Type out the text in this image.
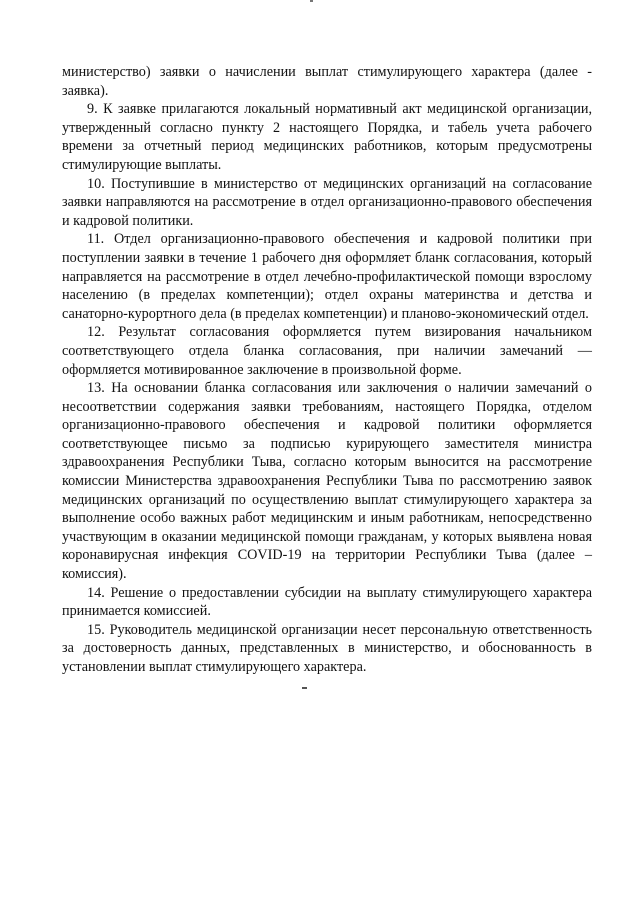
министерство) заявки о начислении выплат стимулирующего характера (далее - заявка).

9. К заявке прилагаются локальный нормативный акт медицинской организации, утвержденный согласно пункту 2 настоящего Порядка, и табель учета рабочего времени за отчетный период медицинских работников, которым предусмотрены стимулирующие выплаты.

10. Поступившие в министерство от медицинских организаций на согласование заявки направляются на рассмотрение в отдел организационно-правового обеспечения и кадровой политики.

11. Отдел организационно-правового обеспечения и кадровой политики при поступлении заявки в течение 1 рабочего дня оформляет бланк согласования, который направляется на рассмотрение в отдел лечебно-профилактической помощи взрослому населению (в пределах компетенции); отдел охраны материнства и детства и санаторно-курортного дела (в пределах компетенции) и планово-экономический отдел.

12. Результат согласования оформляется путем визирования начальником соответствующего отдела бланка согласования, при наличии замечаний — оформляется мотивированное заключение в произвольной форме.

13. На основании бланка согласования или заключения о наличии замечаний о несоответствии содержания заявки требованиям, настоящего Порядка, отделом организационно-правового обеспечения и кадровой политики оформляется соответствующее письмо за подписью курирующего заместителя министра здравоохранения Республики Тыва, согласно которым выносится на рассмотрение комиссии Министерства здравоохранения Республики Тыва по рассмотрению заявок медицинских организаций по осуществлению выплат стимулирующего характера за выполнение особо важных работ медицинским и иным работникам, непосредственно участвующим в оказании медицинской помощи гражданам, у которых выявлена новая коронавирусная инфекция COVID-19 на территории Республики Тыва (далее – комиссия).

14. Решение о предоставлении субсидии на выплату стимулирующего характера принимается комиссией.

15. Руководитель медицинской организации несет персональную ответственность за достоверность данных, представленных в министерство, и обоснованность в установлении выплат стимулирующего характера.
